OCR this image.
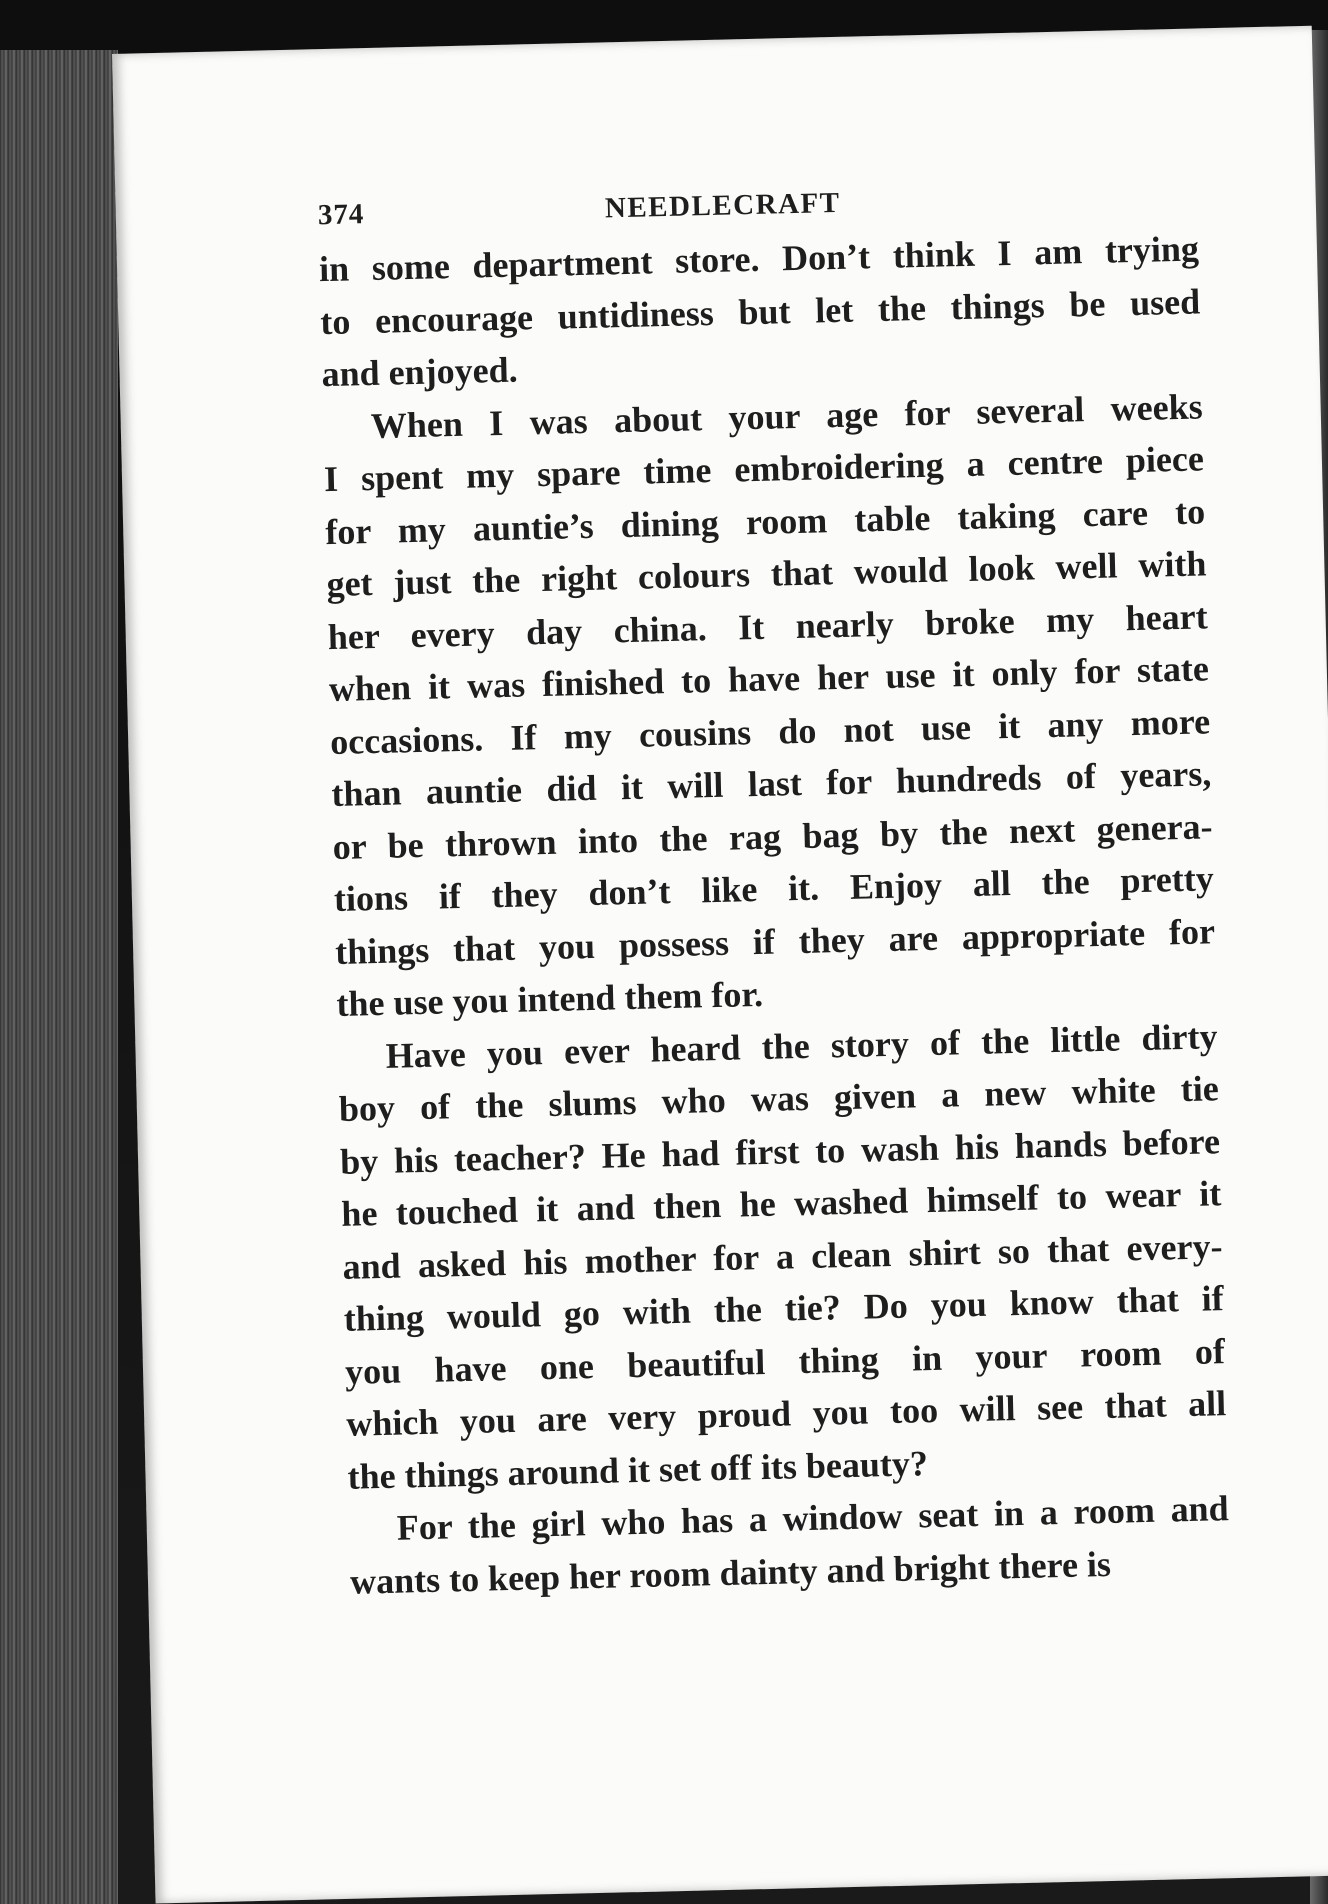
374	NEEDLECRAFT
in some department store. Don’t think I am trying
to encourage untidiness but let the things be used
and enjoyed.
When I was about your age for several weeks
I spent my spare time embroidering a centre piece
for my auntie’s dining room table taking care to
get just the right colours that would look well with
her every day china. It nearly broke my heart
when it was finished to have her use it only for state
occasions. If my cousins do not use it any more
than auntie did it will last for hundreds of years,
or be thrown into the rag bag by the next genera-
tions if they don’t like it. Enjoy all the pretty
things that you possess if they are appropriate for
the use you intend them for.
Have you ever heard the story of the little dirty
boy of the slums who was given a new white tie
by his teacher? He had first to wash his hands before
he touched it and then he washed himself to wear it
and asked his mother for a clean shirt so that every-
thing would go with the tie? Do you know that if
you have one beautiful thing in your room of
which you are very proud you too will see that all
the things around it set off its beauty?
For the girl who has a window seat in a room and
wants to keep her room dainty and bright there is
